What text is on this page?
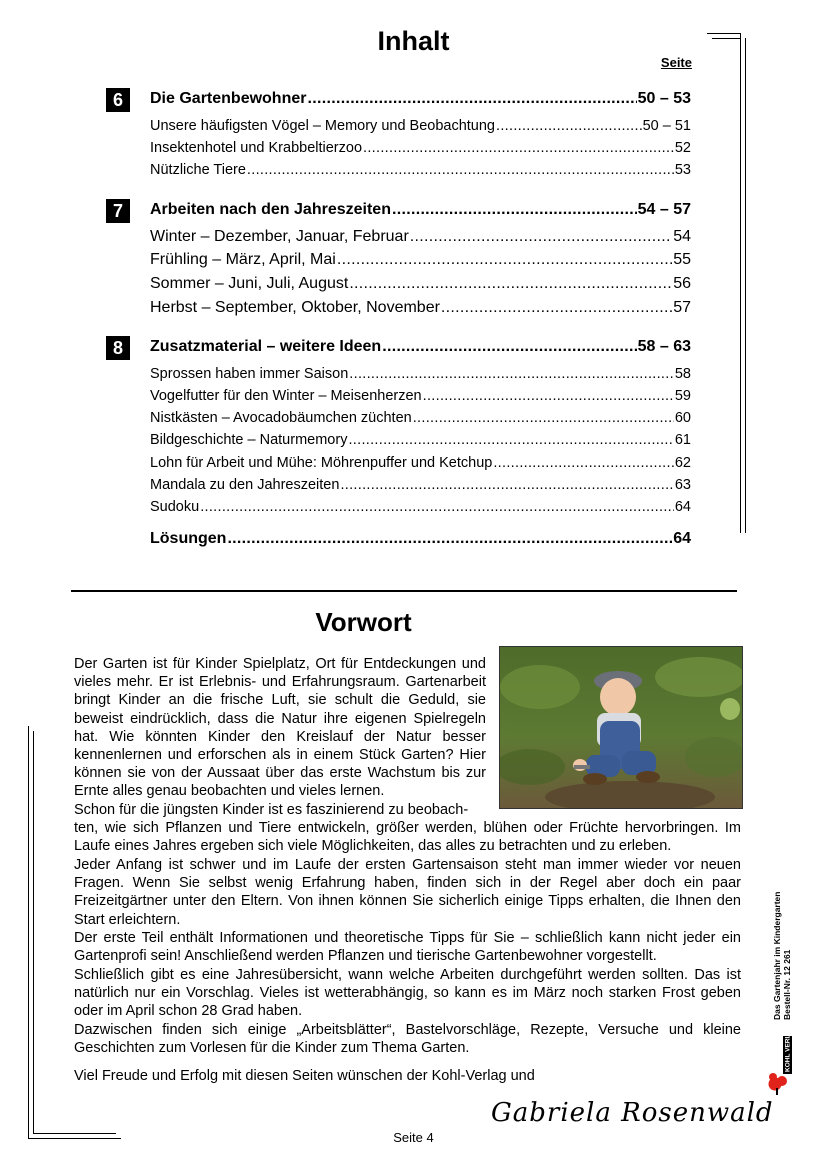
Inhalt
Seite
6	Die Gartenbewohner .....	50 – 53
Unsere häufigsten Vögel – Memory und Beobachtung .....	50 – 51
Insektenhotel und Krabbeltierzoo .....	52
Nützliche Tiere .....	53
7	Arbeiten nach den Jahreszeiten .....	54 – 57
Winter – Dezember, Januar, Februar .....	54
Frühling – März, April, Mai .....	55
Sommer – Juni, Juli, August .....	56
Herbst – September, Oktober, November .....	57
8	Zusatzmaterial – weitere Ideen .....	58 – 63
Sprossen haben immer Saison .....	58
Vogelfutter für den Winter – Meisenherzen .....	59
Nistkästen – Avocadobäumchen züchten .....	60
Bildgeschichte – Naturmemory .....	61
Lohn für Arbeit und Mühe: Möhrenpuffer und Ketchup .....	62
Mandala zu den Jahreszeiten .....	63
Sudoku .....	64
Lösungen .....	64
Vorwort
Der Garten ist für Kinder Spielplatz, Ort für Entdeckungen und vieles mehr. Er ist Erlebnis- und Erfahrungsraum. Gartenarbeit bringt Kinder an die frische Luft, sie schult die Geduld, sie beweist eindrücklich, dass die Natur ihre eigenen Spielregeln hat. Wie könnten Kinder den Kreislauf der Natur besser kennenlernen und erforschen als in einem Stück Garten? Hier können sie von der Aussaat über das erste Wachstum bis zur Ernte alles genau beobachten und vieles lernen.
Schon für die jüngsten Kinder ist es faszinierend zu beobach-
ten, wie sich Pflanzen und Tiere entwickeln, größer werden, blühen oder Früchte hervorbringen. Im Laufe eines Jahres ergeben sich viele Möglichkeiten, das alles zu betrachten und zu erleben.
Jeder Anfang ist schwer und im Laufe der ersten Gartensaison steht man immer wieder vor neuen Fragen. Wenn Sie selbst wenig Erfahrung haben, finden sich in der Regel aber doch ein paar Freizeitgärtner unter den Eltern. Von ihnen können Sie sicherlich einige Tipps erhalten, die Ihnen den Start erleichtern.
Der erste Teil enthält Informationen und theoretische Tipps für Sie – schließlich kann nicht jeder ein Gartenprofi sein! Anschließend werden Pflanzen und tierische Gartenbewohner vorgestellt.
Schließlich gibt es eine Jahresübersicht, wann welche Arbeiten durchgeführt werden sollten. Das ist natürlich nur ein Vorschlag. Vieles ist wetterabhängig, so kann es im März noch starken Frost geben oder im April schon 28 Grad haben.
Dazwischen finden sich einige „Arbeitsblätter“, Bastelvorschläge, Rezepte, Versuche und kleine Geschichten zum Vorlesen für die Kinder zum Thema Garten.
Viel Freude und Erfolg mit diesen Seiten wünschen der Kohl-Verlag und
Gabriela Rosenwald
Seite 4
Das Gartenjahr im Kindergarten Bestell-Nr. 12 261
KOHL VERLAG
